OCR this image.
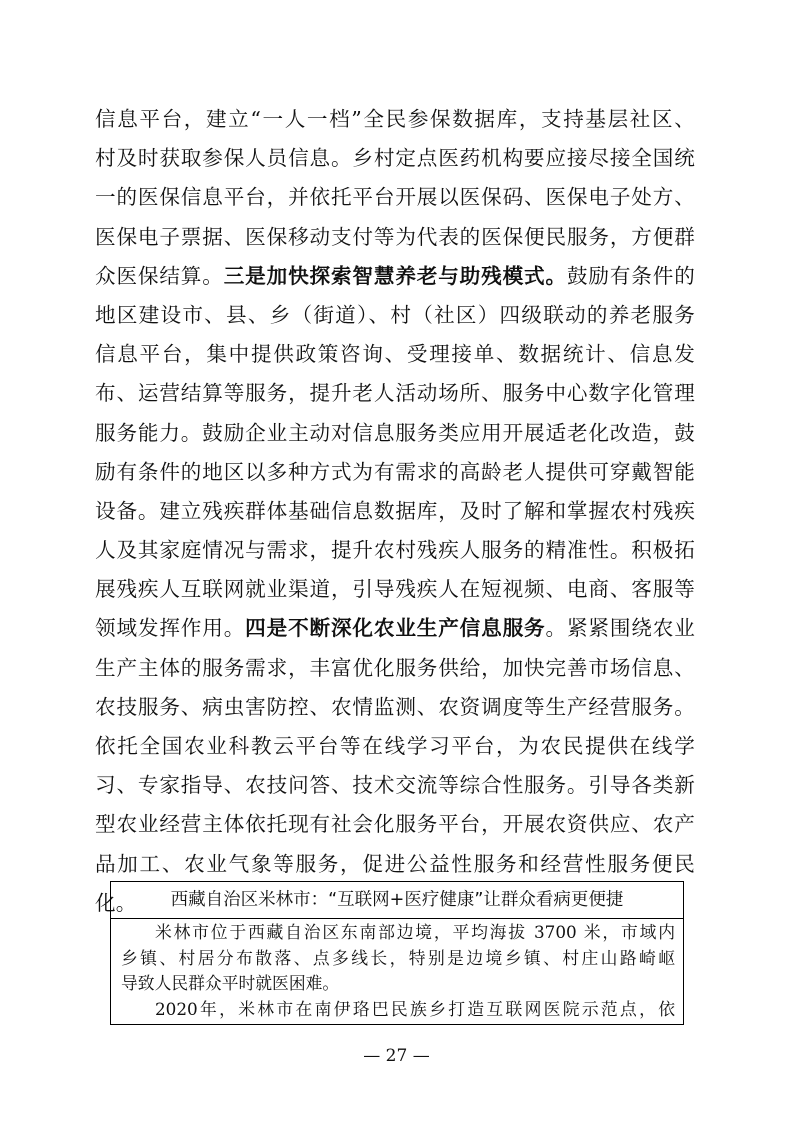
信息平台，建立“一人一档”全民参保数据库，支持基层社区、
村及时获取参保人员信息。乡村定点医药机构要应接尽接全国统
一的医保信息平台，并依托平台开展以医保码、医保电子处方、
医保电子票据、医保移动支付等为代表的医保便民服务，方便群
众医保结算。三是加快探索智慧养老与助残模式。鼓励有条件的
地区建设市、县、乡（街道）、村（社区）四级联动的养老服务
信息平台，集中提供政策咨询、受理接单、数据统计、信息发
布、运营结算等服务，提升老人活动场所、服务中心数字化管理
服务能力。鼓励企业主动对信息服务类应用开展适老化改造，鼓
励有条件的地区以多种方式为有需求的高龄老人提供可穿戴智能
设备。建立残疾群体基础信息数据库，及时了解和掌握农村残疾
人及其家庭情况与需求，提升农村残疾人服务的精准性。积极拓
展残疾人互联网就业渠道，引导残疾人在短视频、电商、客服等
领域发挥作用。四是不断深化农业生产信息服务。紧紧围绕农业
生产主体的服务需求，丰富优化服务供给，加快完善市场信息、
农技服务、病虫害防控、农情监测、农资调度等生产经营服务。
依托全国农业科教云平台等在线学习平台，为农民提供在线学
习、专家指导、农技问答、技术交流等综合性服务。引导各类新
型农业经营主体依托现有社会化服务平台，开展农资供应、农产
品加工、农业气象等服务，促进公益性服务和经营性服务便民
化。	西藏自治区米林市：“互联网+医疗健康”让群众看病更便捷
米林市位于西藏自治区东南部边境，平均海拔 3700 米，市域内
乡镇、村居分布散落、点多线长，特别是边境乡镇、村庄山路崎岖
导致人民群众平时就医困难。
2020年，米林市在南伊珞巴民族乡打造互联网医院示范点，依
— 27 —
